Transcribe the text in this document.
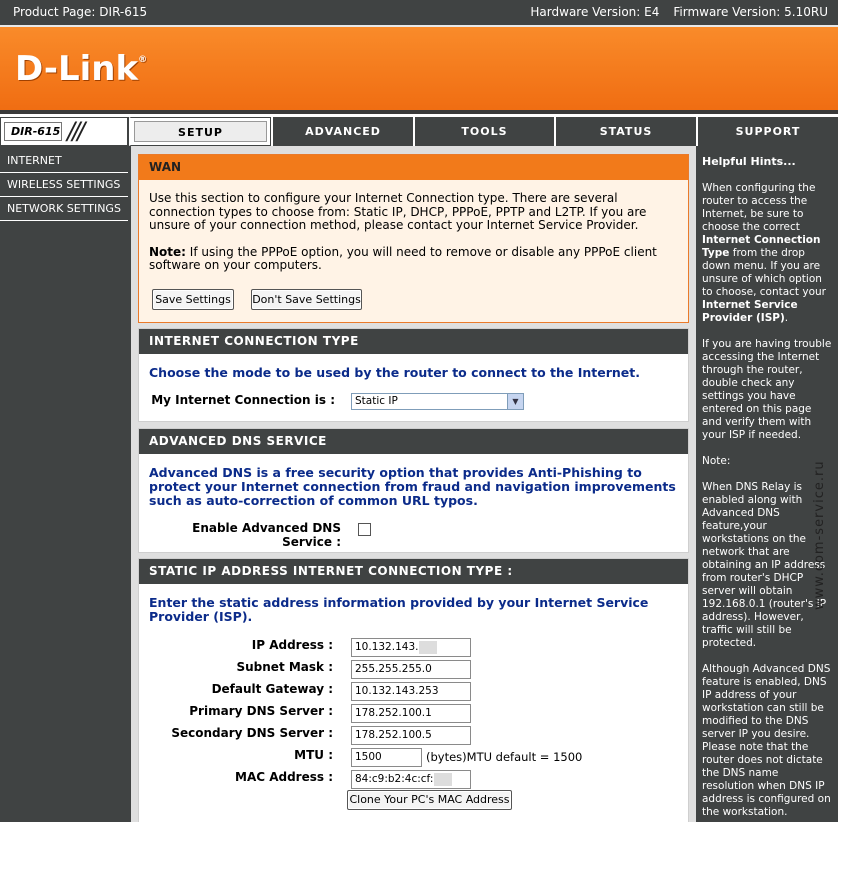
Product Page: DIR-615	Hardware Version: E4 Firmware Version: 5.10RU
D-Link®
DIR-615 ///	SETUP	ADVANCED	TOOLS	STATUS	SUPPORT
INTERNET
WIRELESS SETTINGS
NETWORK SETTINGS
WAN
Use this section to configure your Internet Connection type. There are several connection types to choose from: Static IP, DHCP, PPPoE, PPTP and L2TP. If you are unsure of your connection method, please contact your Internet Service Provider.
Note: If using the PPPoE option, you will need to remove or disable any PPPoE client software on your computers.
Save Settings Don't Save Settings
INTERNET CONNECTION TYPE
Choose the mode to be used by the router to connect to the Internet.
My Internet Connection is :	Static IP	▼
ADVANCED DNS SERVICE
Advanced DNS is a free security option that provides Anti-Phishing to protect your Internet connection from fraud and navigation improvements such as auto-correction of common URL typos.
Enable Advanced DNS Service :
STATIC IP ADDRESS INTERNET CONNECTION TYPE :
Enter the static address information provided by your Internet Service Provider (ISP).
IP Address :	10.132.143.
Subnet Mask :	255.255.255.0
Default Gateway :	10.132.143.253
Primary DNS Server :	178.252.100.1
Secondary DNS Server :	178.252.100.5
MTU :	1500	(bytes)MTU default = 1500
MAC Address :	84:c9:b2:4c:cf:
Clone Your PC's MAC Address
Helpful Hints...

When configuring the router to access the Internet, be sure to choose the correct Internet Connection Type from the drop down menu. If you are unsure of which option to choose, contact your Internet Service Provider (ISP).

If you are having trouble accessing the Internet through the router, double check any settings you have entered on this page and verify them with your ISP if needed.

Note:

When DNS Relay is enabled along with Advanced DNS feature,your workstations on the network that are obtaining an IP address from router's DHCP server will obtain 192.168.0.1 (router's IP address). However, traffic will still be protected.

Although Advanced DNS feature is enabled, DNS IP address of your workstation can still be modified to the DNS server IP you desire. Please note that the router does not dictate the DNS name resolution when DNS IP address is configured on the workstation.

If you selected this option and have VPN or Intranet setup in your network,

www.com-service.ru
